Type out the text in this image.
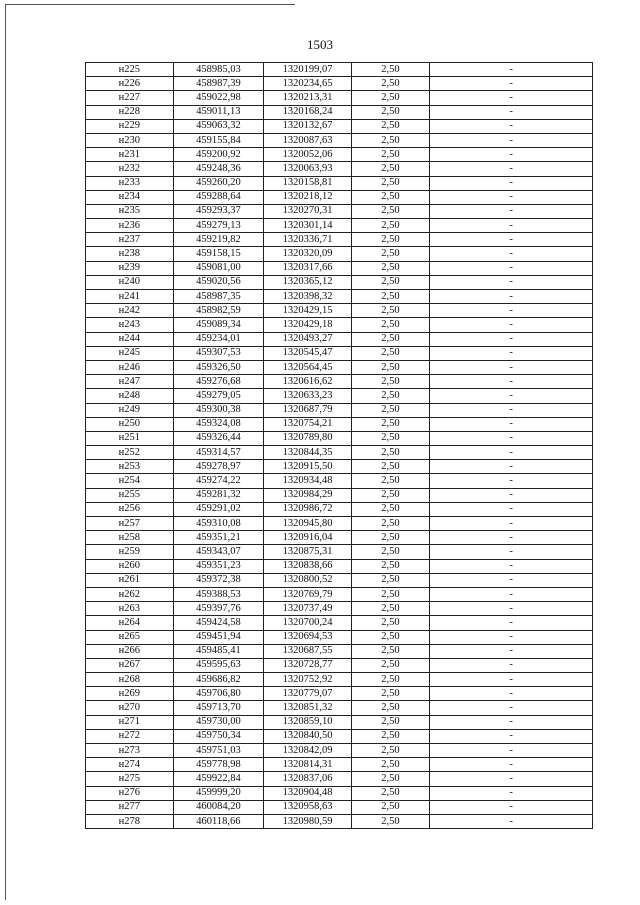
1503
н225	458985,03	1320199,07	2,50	-
н226	458987,39	1320234,65	2,50	-
н227	459022,98	1320213,31	2,50	-
н228	459011,13	1320168,24	2,50	-
н229	459063,32	1320132,67	2,50	-
н230	459155,84	1320087,63	2,50	-
н231	459200,92	1320052,06	2,50	-
н232	459248,36	1320063,93	2,50	-
н233	459260,20	1320158,81	2,50	-
н234	459288,64	1320218,12	2,50	-
н235	459293,37	1320270,31	2,50	-
н236	459279,13	1320301,14	2,50	-
н237	459219,82	1320336,71	2,50	-
н238	459158,15	1320320,09	2,50	-
н239	459081,00	1320317,66	2,50	-
н240	459020,56	1320365,12	2,50	-
н241	458987,35	1320398,32	2,50	-
н242	458982,59	1320429,15	2,50	-
н243	459089,34	1320429,18	2,50	-
н244	459234,01	1320493,27	2,50	-
н245	459307,53	1320545,47	2,50	-
н246	459326,50	1320564,45	2,50	-
н247	459276,68	1320616,62	2,50	-
н248	459279,05	1320633,23	2,50	-
н249	459300,38	1320687,79	2,50	-
н250	459324,08	1320754,21	2,50	-
н251	459326,44	1320789,80	2,50	-
н252	459314,57	1320844,35	2,50	-
н253	459278,97	1320915,50	2,50	-
н254	459274,22	1320934,48	2,50	-
н255	459281,32	1320984,29	2,50	-
н256	459291,02	1320986,72	2,50	-
н257	459310,08	1320945,80	2,50	-
н258	459351,21	1320916,04	2,50	-
н259	459343,07	1320875,31	2,50	-
н260	459351,23	1320838,66	2,50	-
н261	459372,38	1320800,52	2,50	-
н262	459388,53	1320769,79	2,50	-
н263	459397,76	1320737,49	2,50	-
н264	459424,58	1320700,24	2,50	-
н265	459451,94	1320694,53	2,50	-
н266	459485,41	1320687,55	2,50	-
н267	459595,63	1320728,77	2,50	-
н268	459686,82	1320752,92	2,50	-
н269	459706,80	1320779,07	2,50	-
н270	459713,70	1320851,32	2,50	-
н271	459730,00	1320859,10	2,50	-
н272	459750,34	1320840,50	2,50	-
н273	459751,03	1320842,09	2,50	-
н274	459778,98	1320814,31	2,50	-
н275	459922,84	1320837,06	2,50	-
н276	459999,20	1320904,48	2,50	-
н277	460084,20	1320958,63	2,50	-
н278	460118,66	1320980,59	2,50	-
